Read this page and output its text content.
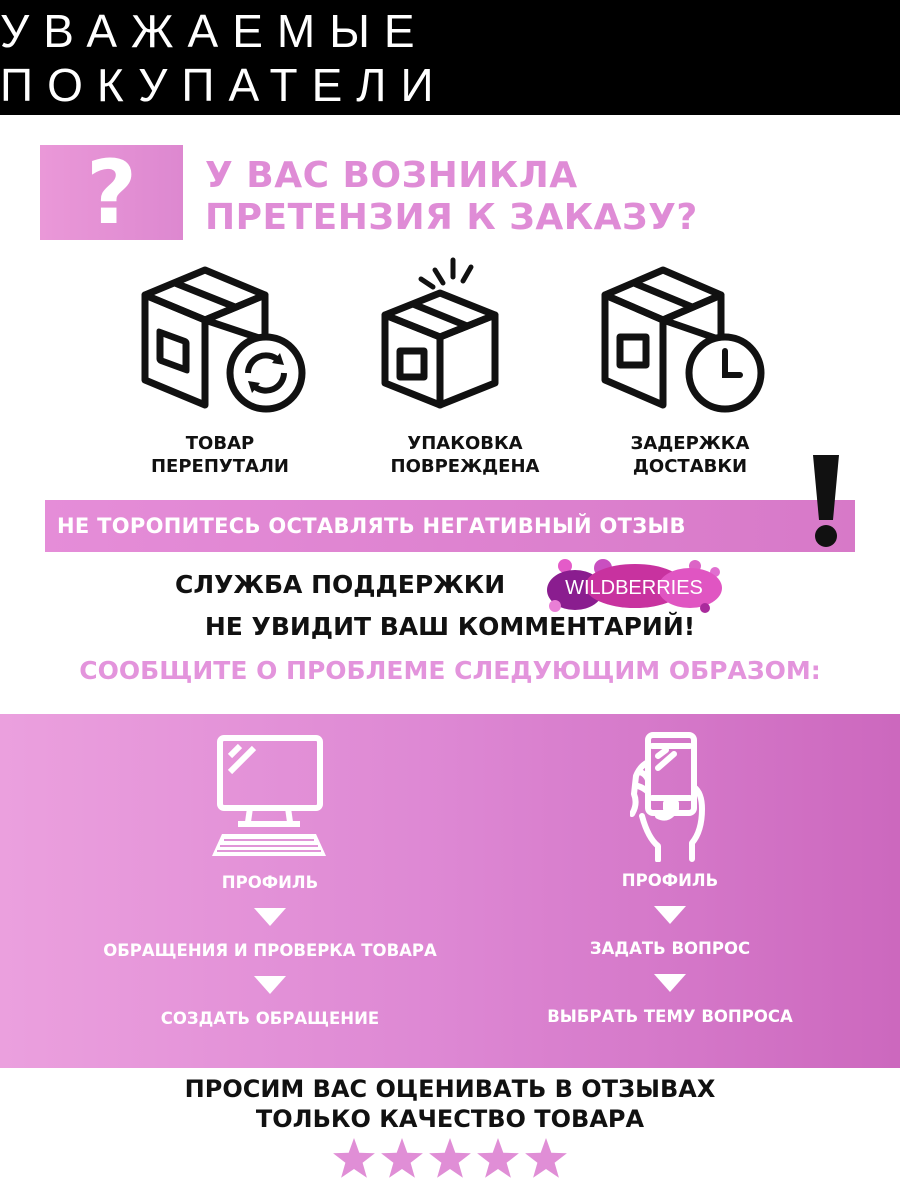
УВАЖАЕМЫЕ ПОКУПАТЕЛИ
?	У ВАС ВОЗНИКЛА
ПРЕТЕНЗИЯ К ЗАКАЗУ?
ТОВАР
ПЕРЕПУТАЛИ
УПАКОВКА
ПОВРЕЖДЕНА
ЗАДЕРЖКА
ДОСТАВКИ
НЕ ТОРОПИТЕСЬ ОСТАВЛЯТЬ НЕГАТИВНЫЙ ОТЗЫВ
СЛУЖБА ПОДДЕРЖКИ	WILDBERRIES
НЕ УВИДИТ ВАШ КОММЕНТАРИЙ!
СООБЩИТЕ О ПРОБЛЕМЕ СЛЕДУЮЩИМ ОБРАЗОМ:
ПРОФИЛЬ
ОБРАЩЕНИЯ И ПРОВЕРКА ТОВАРА
СОЗДАТЬ ОБРАЩЕНИЕ
ПРОФИЛЬ
ЗАДАТЬ ВОПРОС
ВЫБРАТЬ ТЕМУ ВОПРОСА
ПРОСИМ ВАС ОЦЕНИВАТЬ В ОТЗЫВАХ
ТОЛЬКО КАЧЕСТВО ТОВАРА
